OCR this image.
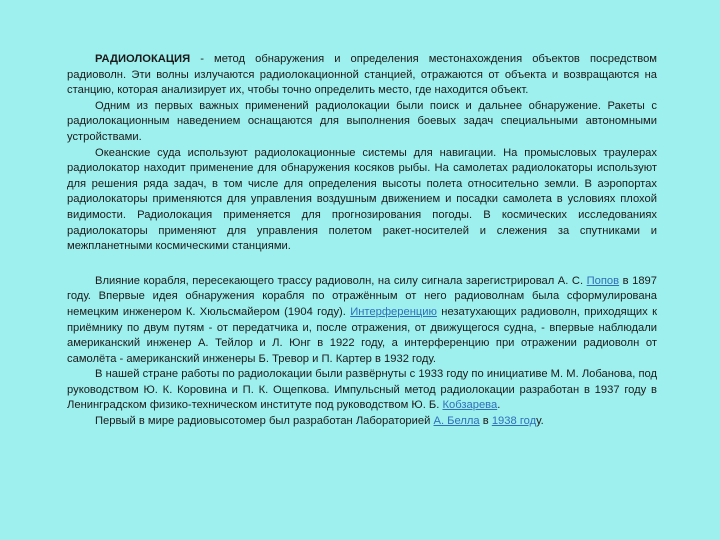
РАДИОЛОКАЦИЯ - метод обнаружения и определения местонахождения объектов посредством радиоволн. Эти волны излучаются радиолокационной станцией, отражаются от объекта и возвращаются на станцию, которая анализирует их, чтобы точно определить место, где находится объект.

Одним из первых важных применений радиолокации были поиск и дальнее обнаружение. Ракеты с радиолокационным наведением оснащаются для выполнения боевых задач специальными автономными устройствами.

Океанские суда используют радиолокационные системы для навигации. На промысловых траулерах радиолокатор находит применение для обнаружения косяков рыбы. На самолетах радиолокаторы используют для решения ряда задач, в том числе для определения высоты полета относительно земли. В аэропортах радиолокаторы применяются для управления воздушным движением и посадки самолета в условиях плохой видимости. Радиолокация применяется для прогнозирования погоды. В космических исследованиях радиолокаторы применяют для управления полетом ракет-носителей и слежения за спутниками и межпланетными космическими станциями.

Влияние корабля, пересекающего трассу радиоволн, на силу сигнала зарегистрировал А. С. Попов в 1897 году. Впервые идея обнаружения корабля по отражённым от него радиоволнам была сформулирована немецким инженером К. Хюльсмайером (1904 году). Интерференцию незатухающих радиоволн, приходящих к приёмнику по двум путям - от передатчика и, после отражения, от движущегося судна, - впервые наблюдали американский инженер А. Тейлор и Л. Юнг в 1922 году, а интерференцию при отражении радиоволн от самолёта - американский инженеры Б. Тревор и П. Картер в 1932 году.

В нашей стране работы по радиолокации были развёрнуты с 1933 году по инициативе М. М. Лобанова, под руководством Ю. К. Коровина и П. К. Ощепкова. Импульсный метод радиолокации разработан в 1937 году в Ленинградском физико-техническом институте под руководством Ю. Б. Кобзарева.

Первый в мире радиовысотомер был разработан Лабораторией А. Белла в 1938 году.
